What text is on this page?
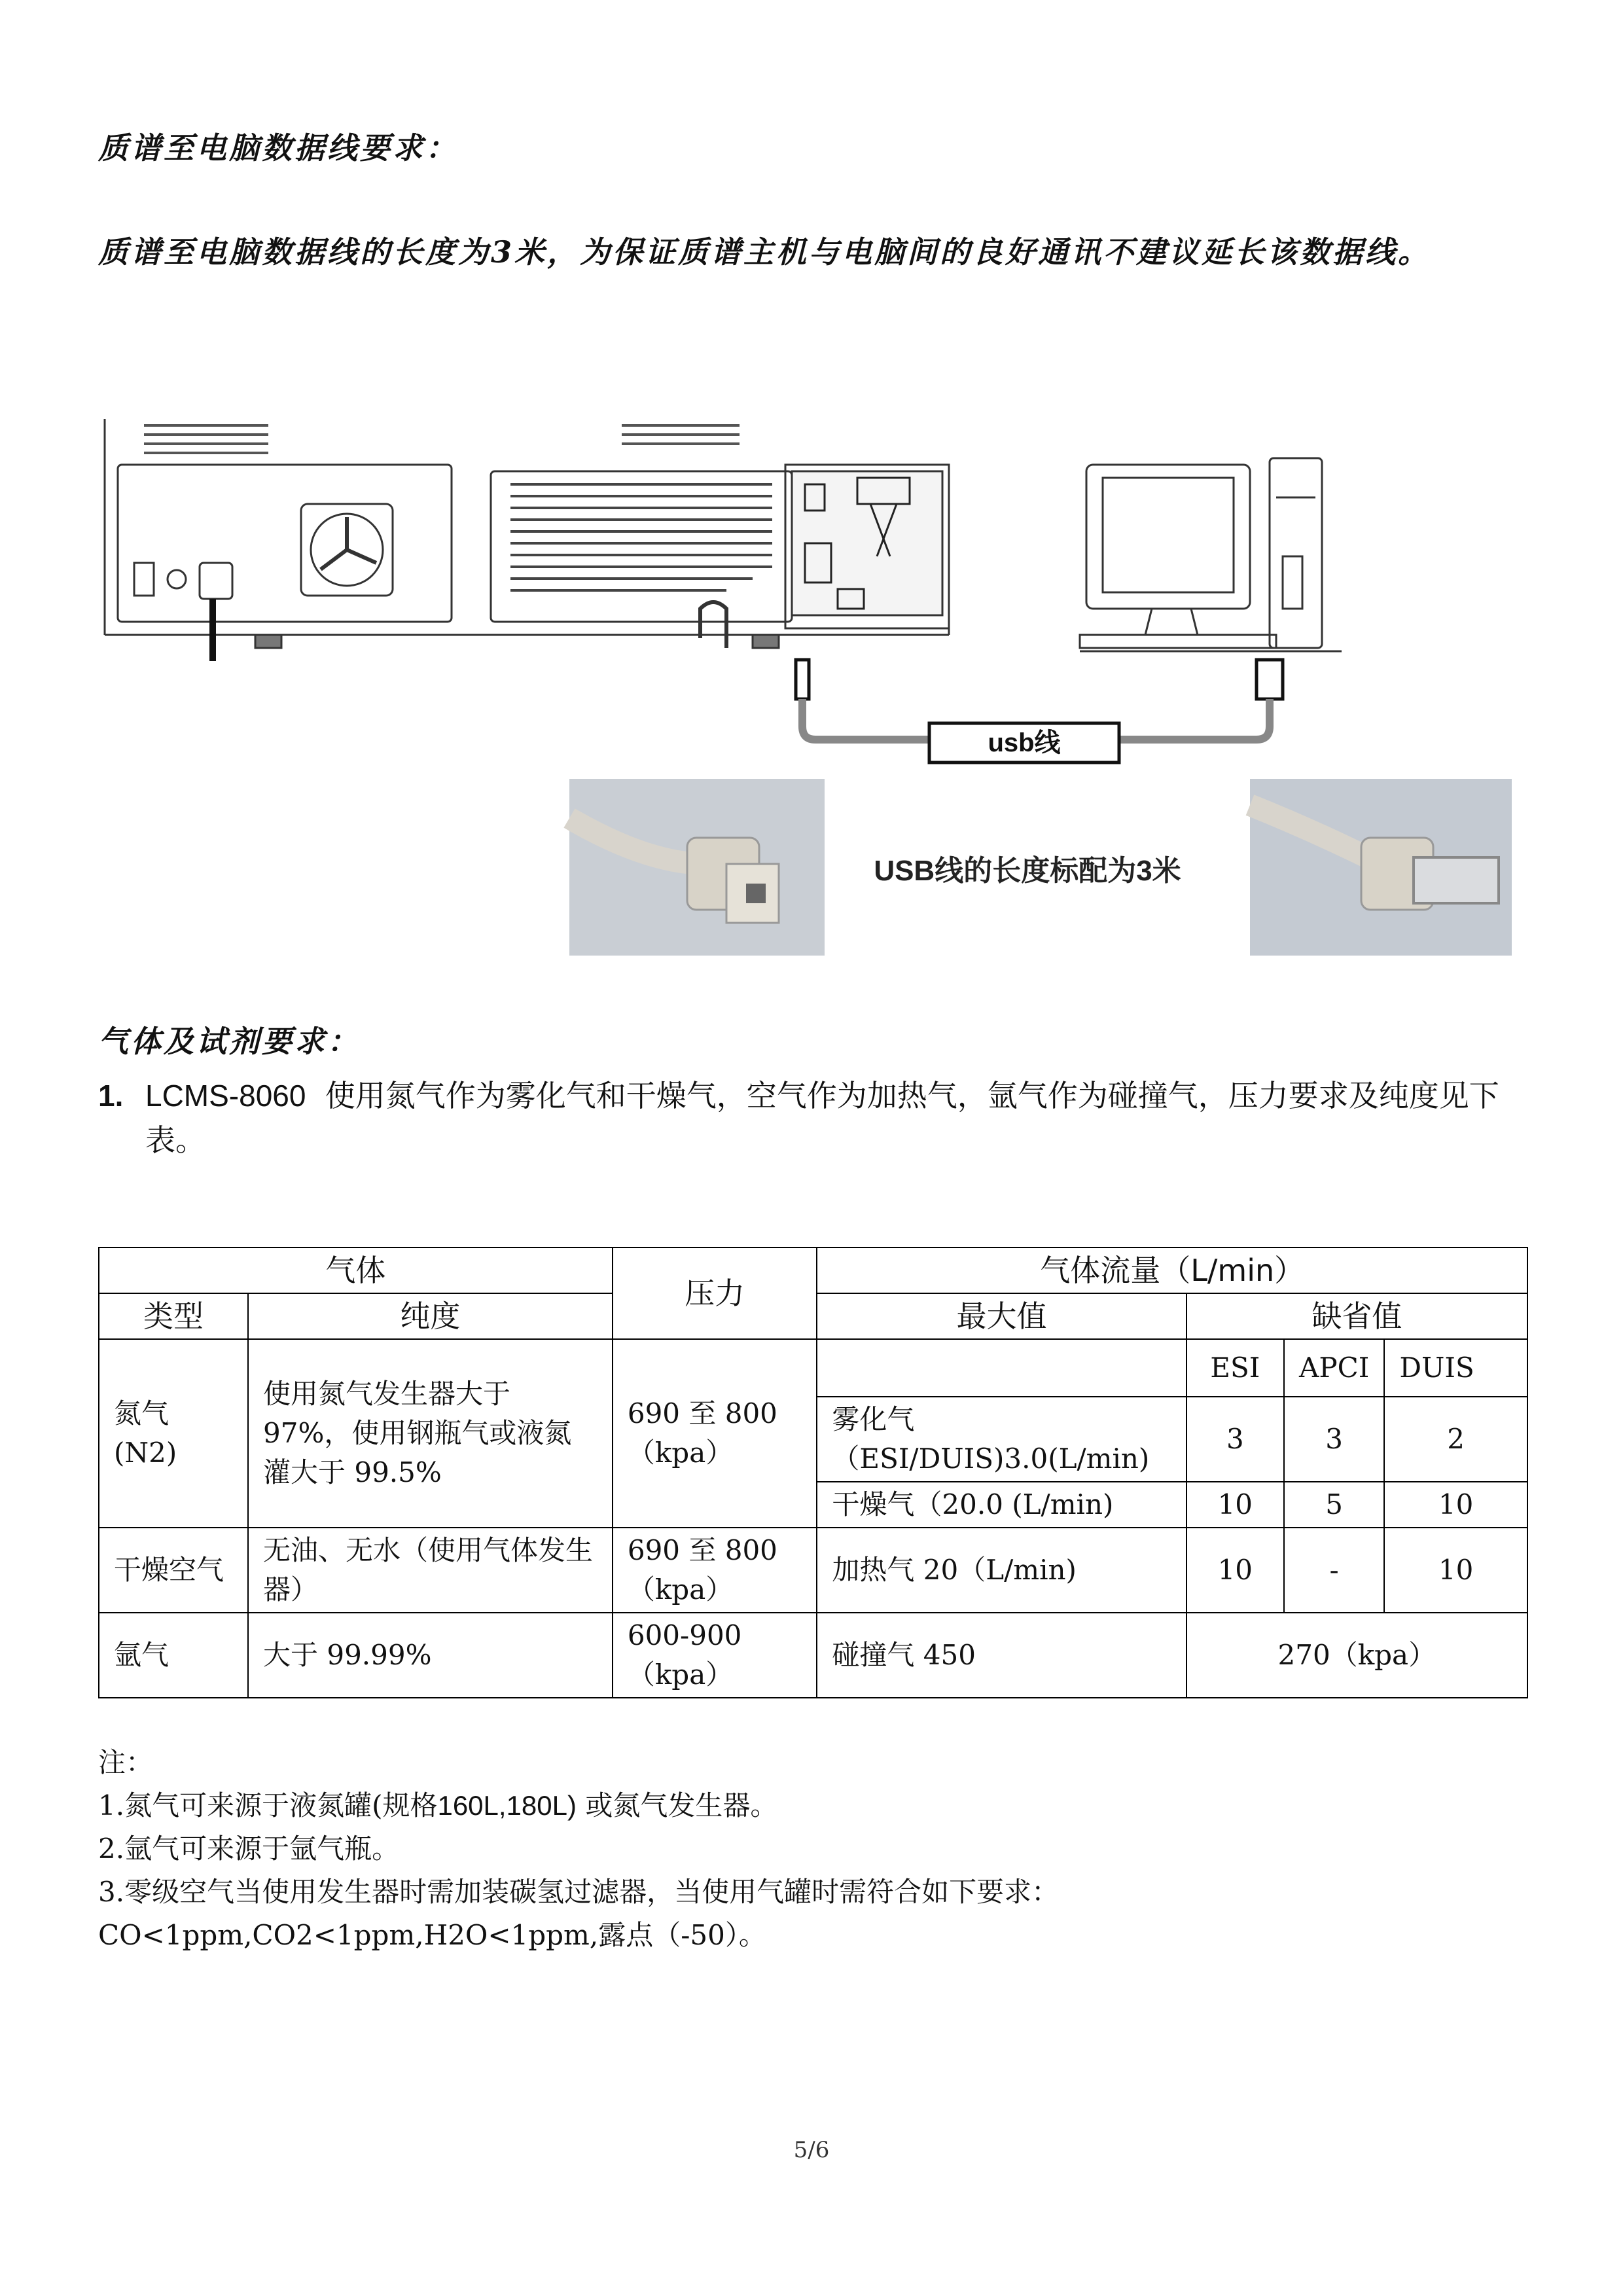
质谱至电脑数据线要求：
质谱至电脑数据线的长度为3米，为保证质谱主机与电脑间的良好通讯不建议延长该数据线。
usb线
USB线的长度标配为3米
气体及试剂要求：
1. LCMS-8060 使用氮气作为雾化气和干燥气，空气作为加热气，氩气作为碰撞气，压力要求及纯度见下表。
气体		压力	气体流量（L/min）			
类型	纯度		最大值	缺省值		
氮气
(N2)	使用氮气发生器大于97%，使用钢瓶气或液氮灌大于 99.5%	690 至 800（kpa）		ESI	APCI	DUIS
			雾化气（ESI/DUIS)3.0(L/min)	3	3	2
			干燥气（20.0 (L/min)	10	5	10
干燥空气	无油、无水（使用气体发生器）	690 至 800（kpa）	加热气 20（L/min)	10	-	10
氩气	大于 99.99%	600-900（kpa）	碰撞气 450	270（kpa）		
注：
1.氮气可来源于液氮罐(规格160L,180L) 或氮气发生器。
2.氩气可来源于氩气瓶。
3.零级空气当使用发生器时需加装碳氢过滤器，当使用气罐时需符合如下要求：
CO<1ppm,CO2<1ppm,H2O<1ppm,露点（-50）。
5/6
